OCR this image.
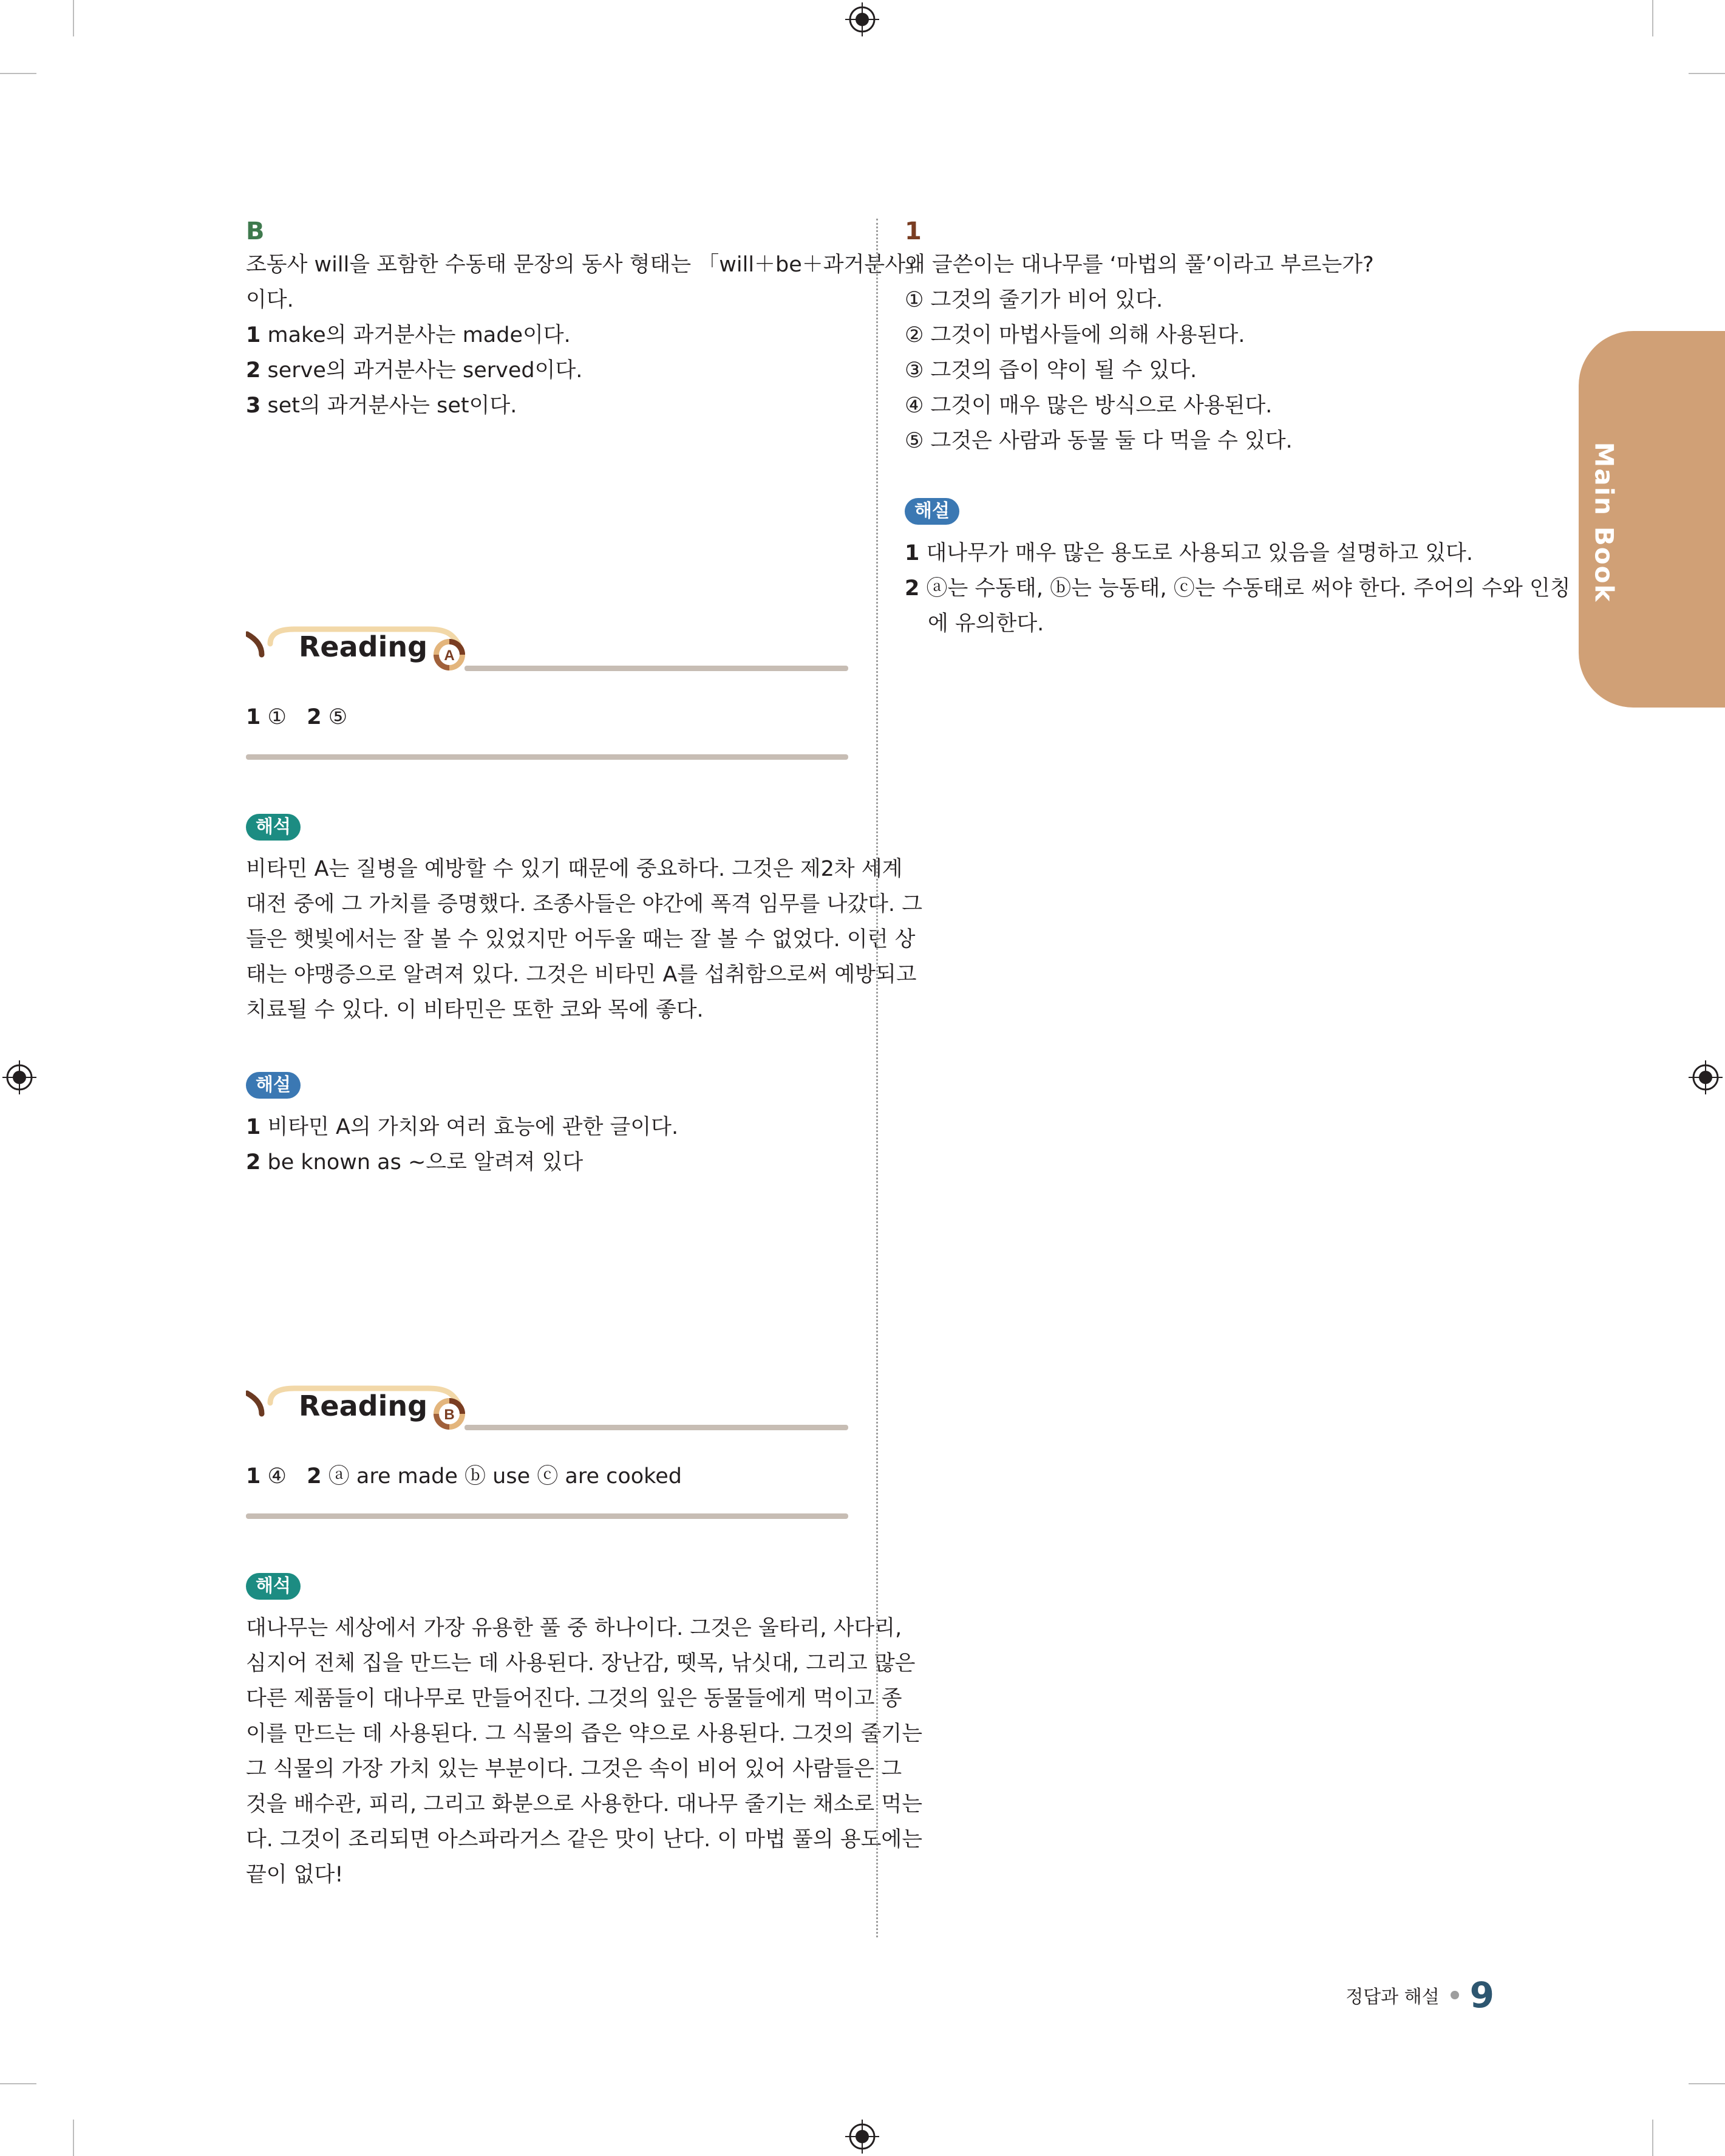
B
조동사 will을 포함한 수동태 문장의 동사 형태는 「will＋be＋과거분사」
이다.
1 make의 과거분사는 made이다.
2 serve의 과거분사는 served이다.
3 set의 과거분사는 set이다.
Reading A
1 ① 2 ⑤
해석
비타민 A는 질병을 예방할 수 있기 때문에 중요하다. 그것은 제2차 세계
대전 중에 그 가치를 증명했다. 조종사들은 야간에 폭격 임무를 나갔다. 그
들은 햇빛에서는 잘 볼 수 있었지만 어두울 때는 잘 볼 수 없었다. 이런 상
태는 야맹증으로 알려져 있다. 그것은 비타민 A를 섭취함으로써 예방되고
치료될 수 있다. 이 비타민은 또한 코와 목에 좋다.
해설
1 비타민 A의 가치와 여러 효능에 관한 글이다.
2 be known as ~으로 알려져 있다
Reading B
1 ④ 2 ⓐ are made ⓑ use ⓒ are cooked
해석
대나무는 세상에서 가장 유용한 풀 중 하나이다. 그것은 울타리, 사다리,
심지어 전체 집을 만드는 데 사용된다. 장난감, 뗏목, 낚싯대, 그리고 많은
다른 제품들이 대나무로 만들어진다. 그것의 잎은 동물들에게 먹이고 종
이를 만드는 데 사용된다. 그 식물의 즙은 약으로 사용된다. 그것의 줄기는
그 식물의 가장 가치 있는 부분이다. 그것은 속이 비어 있어 사람들은 그
것을 배수관, 피리, 그리고 화분으로 사용한다. 대나무 줄기는 채소로 먹는
다. 그것이 조리되면 아스파라거스 같은 맛이 난다. 이 마법 풀의 용도에는
끝이 없다!
1
왜 글쓴이는 대나무를 ‘마법의 풀’이라고 부르는가?
① 그것의 줄기가 비어 있다.
② 그것이 마법사들에 의해 사용된다.
③ 그것의 즙이 약이 될 수 있다.
④ 그것이 매우 많은 방식으로 사용된다.
⑤ 그것은 사람과 동물 둘 다 먹을 수 있다.
해설
1 대나무가 매우 많은 용도로 사용되고 있음을 설명하고 있다.
2 ⓐ는 수동태, ⓑ는 능동태, ⓒ는 수동태로 써야 한다. 주어의 수와 인칭
에 유의한다.
Main Book
정답과 해설 9
